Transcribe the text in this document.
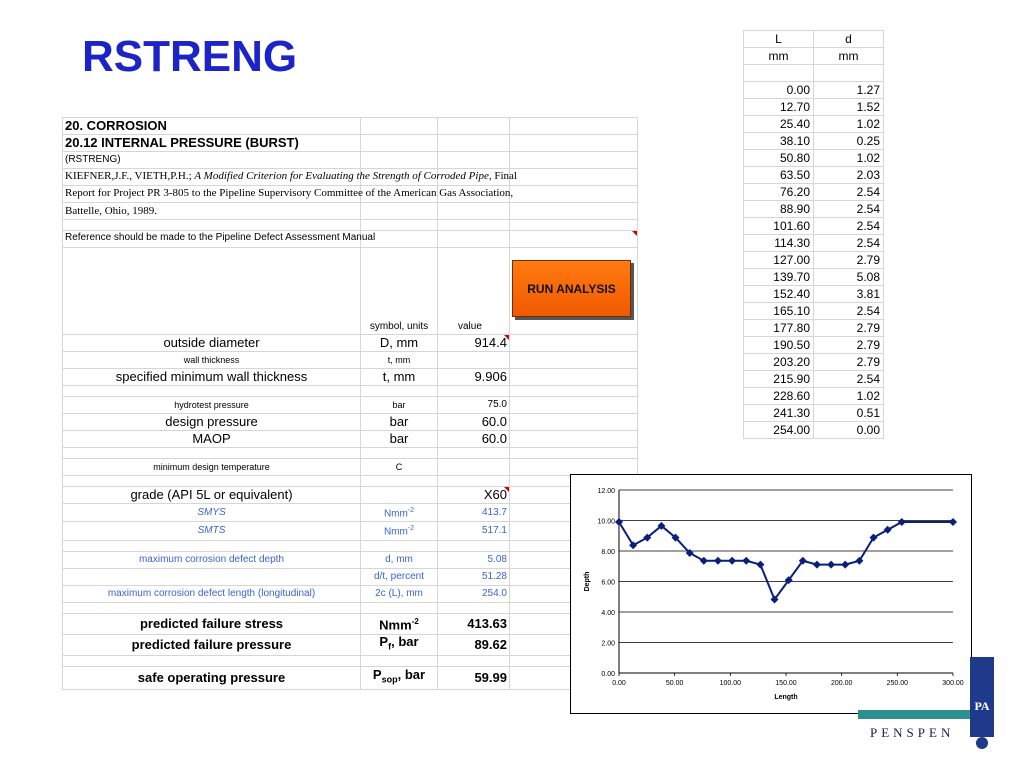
RSTRENG
20. CORROSION			
20.12 INTERNAL PRESSURE (BURST)			
(RSTRENG)			

KIEFNER,J.F., VIETH,P.H.; A Modified Criterion for Evaluating the Strength of Corroded Pipe, Final			

Report for Project PR 3-805 to the Pipeline Supervisory Committee of the American Gas Association,			

Battelle, Ohio, 1989.			

Reference should be made to the Pipeline Defect Assessment Manual			

	symbol, units	value	
outside diameter	D, mm	914.4	
wall thickness	t, mm		
specified minimum wall thickness	t, mm	9.906	

hydrotest pressure	bar	75.0	
design pressure	bar	60.0	
MAOP	bar	60.0	

minimum design temperature	C		

grade (API 5L or equivalent)		X60	
SMYS	Nmm$^{-2}$	413.7	
SMTS	Nmm$^{-2}$	517.1	

maximum corrosion defect depth	d, mm	5.08	
	d/t, percent	51.28	
maximum corrosion defect length (longitudinal)	2c (L), mm	254.0	

predicted failure stress	Nmm$^{-2}$	413.63	
predicted failure pressure	$P_f$, bar	89.62	

safe operating pressure	$P_{sop}$, bar	59.99	
RUN ANALYSIS
L	d
mm	mm

0.00	1.27
12.70	1.52
25.40	1.02
38.10	0.25
50.80	1.02
63.50	2.03
76.20	2.54
88.90	2.54
101.60	2.54
114.30	2.54
127.00	2.79
139.70	5.08
152.40	3.81
165.10	2.54
177.80	2.79
190.50	2.79
203.20	2.79
215.90	2.54
228.60	1.02
241.30	0.51
254.00	0.00
0.00
2.00
4.00
6.00
8.00
10.00
12.00
0.00	50.00	100.00	150.00	200.00	250.00	300.00
Length
Depth
PA
PENSPEN
